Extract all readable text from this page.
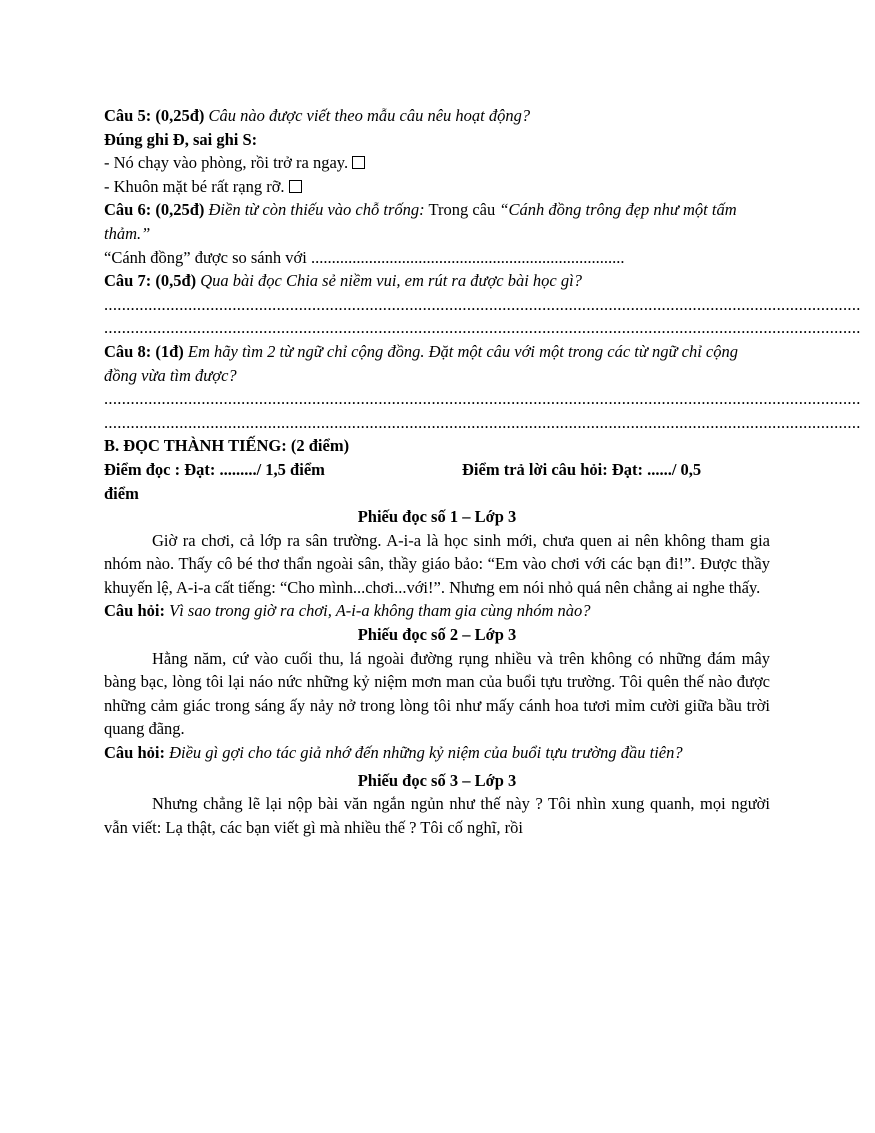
Câu 5: (0,25đ) Câu nào được viết theo mẫu câu nêu hoạt động?

Đúng ghi Đ, sai ghi S:

- Nó chạy vào phòng, rồi trở ra ngay.

- Khuôn mặt bé rất rạng rỡ.

Câu 6: (0,25đ) Điền từ còn thiếu vào chỗ trống: Trong câu “Cánh đồng trông đẹp như một tấm thảm.”

“Cánh đồng” được so sánh với ............................................................................

Câu 7: (0,5đ) Qua bài đọc Chia sẻ niềm vui, em rút ra được bài học gì?

...........................................................................................................................................................................
...........................................................................................................................................................................

Câu 8: (1đ) Em hãy tìm 2 từ ngữ chỉ cộng đồng. Đặt một câu với một trong các từ ngữ chỉ cộng đồng vừa tìm được?

...........................................................................................................................................................................
...........................................................................................................................................................................

B. ĐỌC THÀNH TIẾNG: (2 điểm)

Điểm đọc : Đạt: ........./ 1,5 điểm	Điểm trả lời câu hỏi: Đạt: ....../ 0,5

điểm

Phiếu đọc số 1 – Lớp 3

Giờ ra chơi, cả lớp ra sân trường. A-i-a là học sinh mới, chưa quen ai nên không tham gia nhóm nào. Thấy cô bé thơ thẩn ngoài sân, thầy giáo bảo: “Em vào chơi với các bạn đi!”. Được thầy khuyến lệ, A-i-a cất tiếng: “Cho mình...chơi...với!”. Nhưng em nói nhỏ quá nên chẳng ai nghe thấy.

Câu hỏi: Vì sao trong giờ ra chơi, A-i-a không tham gia cùng nhóm nào?

Phiếu đọc số 2 – Lớp 3

Hằng năm, cứ vào cuối thu, lá ngoài đường rụng nhiều và trên không có những đám mây bàng bạc, lòng tôi lại náo nức những kỷ niệm mơn man của buổi tựu trường. Tôi quên thế nào được những cảm giác trong sáng ấy nảy nở trong lòng tôi như mấy cánh hoa tươi mỉm cười giữa bầu trời quang đãng.

Câu hỏi: Điều gì gợi cho tác giả nhớ đến những kỷ niệm của buổi tựu trường đầu tiên?

Phiếu đọc số 3 – Lớp 3

Nhưng chẳng lẽ lại nộp bài văn ngắn ngủn như thế này ? Tôi nhìn xung quanh, mọi người vẫn viết: Lạ thật, các bạn viết gì mà nhiều thế ? Tôi cố nghĩ, rồi
